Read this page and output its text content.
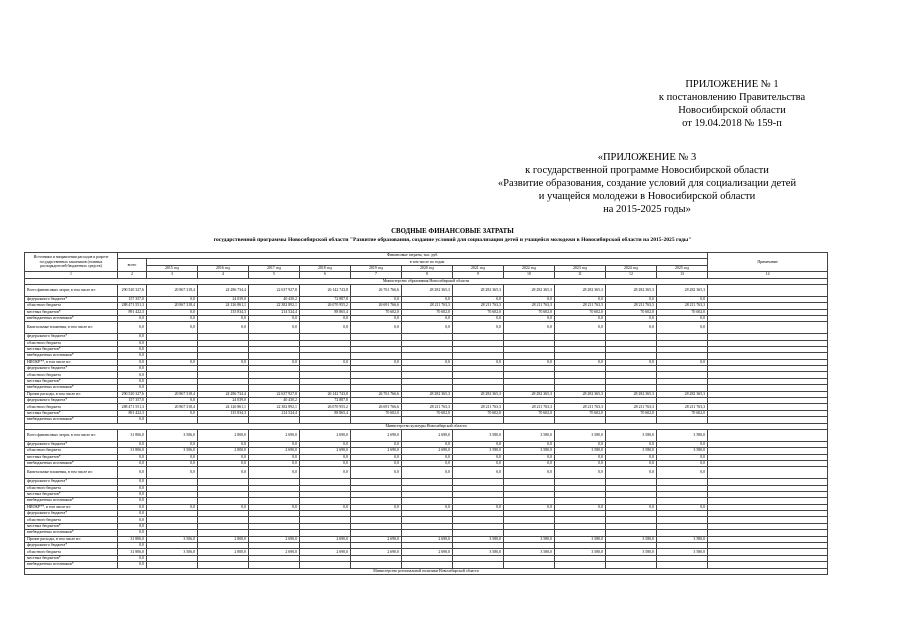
ПРИЛОЖЕНИЕ № 1

к постановлению Правительства

Новосибирской области

от 19.04.2018 № 159-п

«ПРИЛОЖЕНИЕ № 3

к государственной программе Новосибирской области

«Развитие образования, создание условий для социализации детей

и учащейся молодежи в Новосибирской области

на 2015-2025 годы»

СВОДНЫЕ ФИНАНСОВЫЕ ЗАТРАТЫ
государственной программы Новосибирской области "Развитие образования, создание условий для социализации детей и учащейся молодежи в Новосибирской области на 2015-2025 годы"
Источники и направления расходов в разрезе государственных заказчиков (главных распорядителей бюджетных средств)	Финансовые затраты, тыс. руб.												Примечание
	всего	в том числе по годам											
		2015 год	2016 год	2017 год	2018 год	2019 год	2020 год	2021 год	2022 год	2023 год	2024 год	2025 год	
1	2	3	4	5	6	7	8	9	10	11	12	13	14
Министерство образования Новосибирской области													
Всего финансовых затрат, в том числе из:	290 520 327,6	20 867 318,4	24 286 734,4	22 637 927,8	26 142 743,8	26 761 766,6	28 282 365,3	28 282 365,3	28 282 365,3	28 282 365,3	28 282 365,3	28 282 365,3	
федерального бюджета*	157 357,0	0,0	24 039,0	40 430,2	72 887,8	0,0	0,0	0,0	0,0	0,0	0,0	0,0	
областного бюджета	288 471 551,3	20 867 318,4	24 126 861,1	22 382 892,1	26 070 955,2	26 691 766,6	28 211 763,3	28 211 763,3	28 211 763,3	28 211 763,3	28 211 763,3	28 211 763,3	
местных бюджетов*	891 422,3	0,0	135 834,3	214 524,4	88 865,4	70 602,0	70 602,0	70 602,0	70 602,0	70 602,0	70 602,0	70 602,0	
внебюджетных источников*	0,0	0,0	0,0	0,0	0,0	0,0	0,0	0,0	0,0	0,0	0,0	0,0	
Капитальные вложения, в том числе из:	0,0	0,0	0,0	0,0	0,0	0,0	0,0	0,0	0,0	0,0	0,0	0,0	
федерального бюджета*	0,0												
областного бюджета	0,0												
местных бюджетов*	0,0												
внебюджетных источников*	0,0												
НИОКР**, в том числе из:	0,0	0,0	0,0	0,0	0,0	0,0	0,0	0,0	0,0	0,0	0,0	0,0	
федерального бюджета*	0,0												
областного бюджета	0,0												
местных бюджетов*	0,0												
внебюджетных источников*	0,0												
Прочие расходы, в том числе из:	290 520 327,6	20 867 318,4	24 286 734,4	22 637 927,8	26 142 743,8	26 761 766,6	28 282 365,3	28 282 365,3	28 282 365,3	28 282 365,3	28 282 365,3	28 282 365,3	
федерального бюджета*	157 357,0	0,0	24 039,0	40 430,2	72 887,8								
областного бюджета	288 471 551,3	20 867 318,4	24 126 861,1	22 382 892,1	26 070 955,2	26 691 766,6	28 211 763,3	28 211 763,3	28 211 763,3	28 211 763,3	28 211 763,3	28 211 763,3	
местных бюджетов*	891 422,3	0,0	135 834,3	214 524,4	88 865,4	70 602,0	70 602,0	70 602,0	70 602,0	70 602,0	70 602,0	70 602,0	
внебюджетных источников*	0,0												
Министерство культуры Новосибирской области													
Всего финансовых затрат, в том числе из:	31 806,0	3 506,0	2 800,0	2 690,0	2 690,0	2 690,0	2 690,0	3 580,0	3 580,0	3 580,0	3 580,0	3 580,0	
федерального бюджета*	0,0	0,0	0,0	0,0	0,0	0,0	0,0	0,0	0,0	0,0	0,0	0,0	
областного бюджета	31 806,0	3 506,0	2 800,0	2 690,0	2 690,0	2 690,0	2 690,0	3 580,0	3 580,0	3 580,0	3 580,0	3 580,0	
местных бюджетов*	0,0	0,0	0,0	0,0	0,0	0,0	0,0	0,0	0,0	0,0	0,0	0,0	
внебюджетных источников*	0,0	0,0	0,0	0,0	0,0	0,0	0,0	0,0	0,0	0,0	0,0	0,0	
Капитальные вложения, в том числе из:	0,0	0,0	0,0	0,0	0,0	0,0	0,0	0,0	0,0	0,0	0,0	0,0	
федерального бюджета*	0,0												
областного бюджета	0,0												
местных бюджетов*	0,0												
внебюджетных источников*	0,0												
НИОКР**, в том числе из:	0,0	0,0	0,0	0,0	0,0	0,0	0,0	0,0	0,0	0,0	0,0	0,0	
федерального бюджета*	0,0												
областного бюджета	0,0												
местных бюджетов*	0,0												
внебюджетных источников*	0,0												
Прочие расходы, в том числе из:	31 806,0	3 506,0	2 800,0	2 690,0	2 690,0	2 690,0	2 690,0	3 580,0	3 580,0	3 580,0	3 580,0	3 580,0	
федерального бюджета*	0,0												
областного бюджета	31 806,0	3 506,0	2 800,0	2 690,0	2 690,0	2 690,0	2 690,0	3 580,0	3 580,0	3 580,0	3 580,0	3 580,0	
местных бюджетов*	0,0												
внебюджетных источников*	0,0												
Министерство региональной политики Новосибирской области													
